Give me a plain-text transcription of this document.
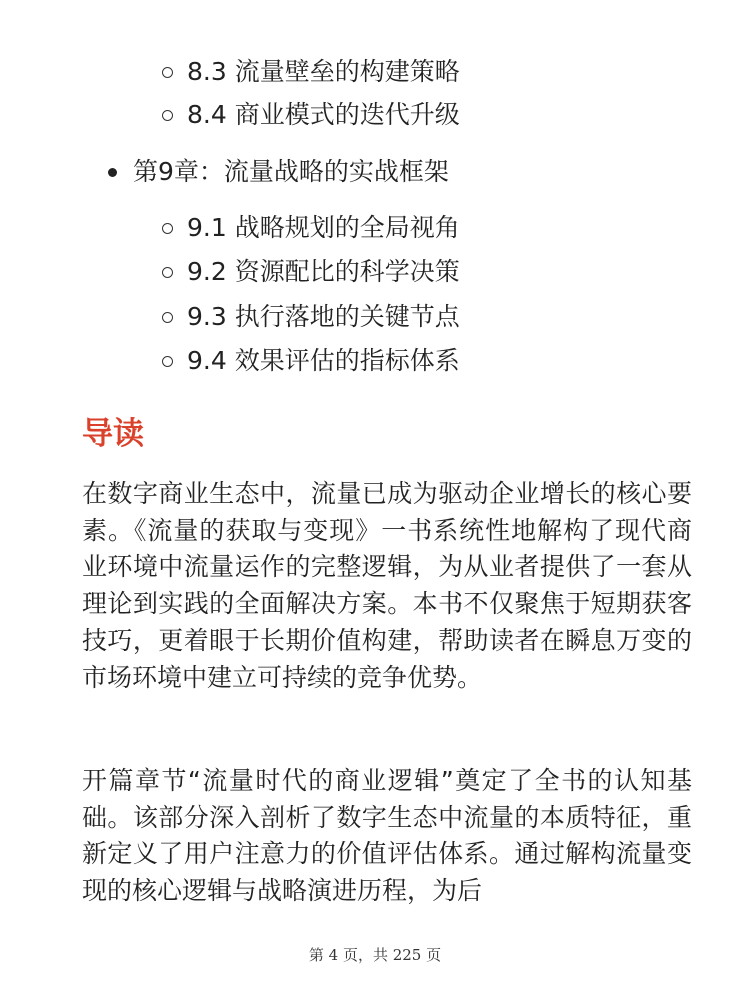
8.3 流量壁垒的构建策略
8.4 商业模式的迭代升级
第9章：流量战略的实战框架
9.1 战略规划的全局视角
9.2 资源配比的科学决策
9.3 执行落地的关键节点
9.4 效果评估的指标体系
导读

在数字商业生态中，流量已成为驱动企业增长的核心要素。《流量的获取与变现》一书系统性地解构了现代商业环境中流量运作的完整逻辑，为从业者提供了一套从理论到实践的全面解决方案。本书不仅聚焦于短期获客技巧，更着眼于长期价值构建，帮助读者在瞬息万变的市场环境中建立可持续的竞争优势。

开篇章节“流量时代的商业逻辑”奠定了全书的认知基础。该部分深入剖析了数字生态中流量的本质特征，重新定义了用户注意力的价值评估体系。通过解构流量变现的核心逻辑与战略演进历程，为后

第 4 页，共 225 页
